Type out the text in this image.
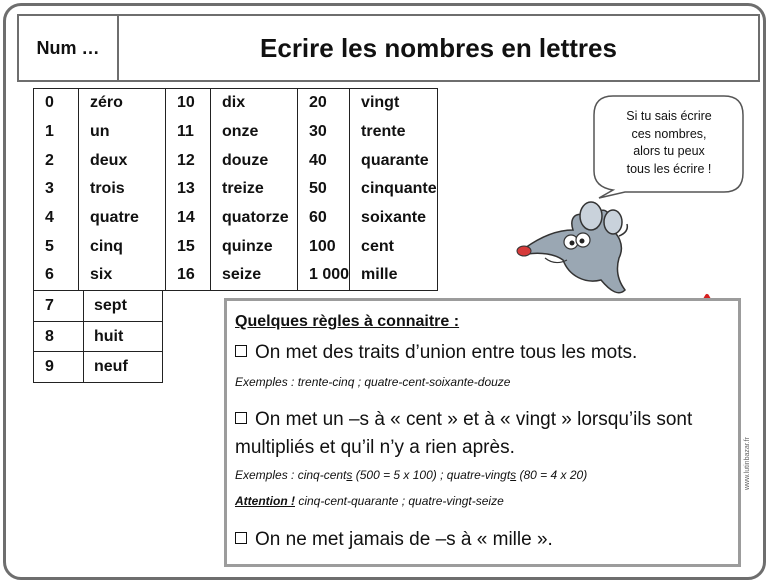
Num …	Ecrire les nombres en lettres
0	zéro	10	dix	20	vingt
1	un	11	onze	30	trente
2	deux	12	douze	40	quarante
3	trois	13	treize	50	cinquante
4	quatre	14	quatorze	60	soixante
5	cinq	15	quinze	100	cent
6	six	16	seize	1 000	mille
7	sept
8	huit
9	neuf
Si tu sais écrire
ces nombres,
alors tu peux
tous les écrire !
Quelques règles à connaitre :
On met des traits d’union entre tous les mots.
Exemples : trente-cinq ; quatre-cent-soixante-douze
On met un –s à « cent » et à « vingt » lorsqu’ils sont
multipliés et qu’il n’y a rien après.
Exemples : cinq-cents (500 = 5 x 100) ; quatre-vingts (80 = 4 x 20)
Attention ! cinq-cent-quarante ; quatre-vingt-seize
On ne met jamais de –s à « mille ».
www.lutinbazar.fr
